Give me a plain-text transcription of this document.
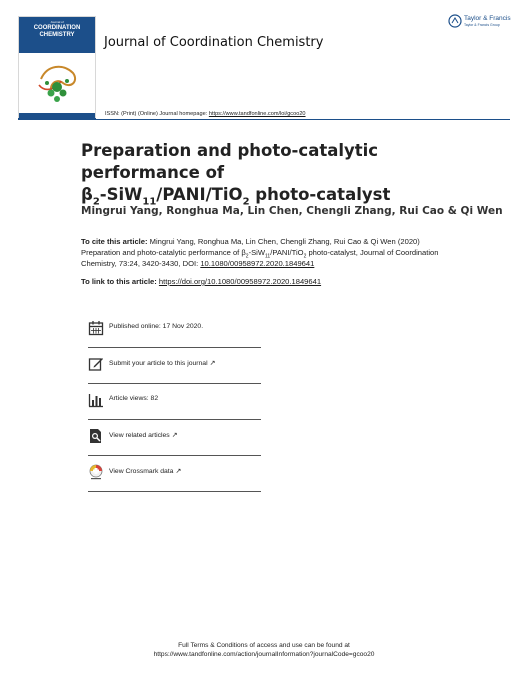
Journal of
COORDINATION
CHEMISTRY	Journal of Coordination Chemistry
Taylor & Francis
Taylor & Francis Group
ISSN: (Print) (Online) Journal homepage: https://www.tandfonline.com/loi/gcoo20
Preparation and photo-catalytic performance of
$\beta_2-SiW_{11}/PANI/TiO_2$ photo-catalyst
Mingrui Yang, Ronghua Ma, Lin Chen, Chengli Zhang, Rui Cao & Qi Wen
To cite this article: Mingrui Yang, Ronghua Ma, Lin Chen, Chengli Zhang, Rui Cao & Qi Wen (2020) Preparation and photo-catalytic performance of $\beta_2-SiW_{11}/PANI/TiO_2$ photo-catalyst, Journal of Coordination Chemistry, 73:24, 3420-3430, DOI: 10.1080/00958972.2020.1849641
To link to this article: https://doi.org/10.1080/00958972.2020.1849641
Published online: 17 Nov 2020.
Submit your article to this journal ↗
Article views: 82
View related articles ↗
View Crossmark data ↗
Full Terms & Conditions of access and use can be found at
https://www.tandfonline.com/action/journalInformation?journalCode=gcoo20
